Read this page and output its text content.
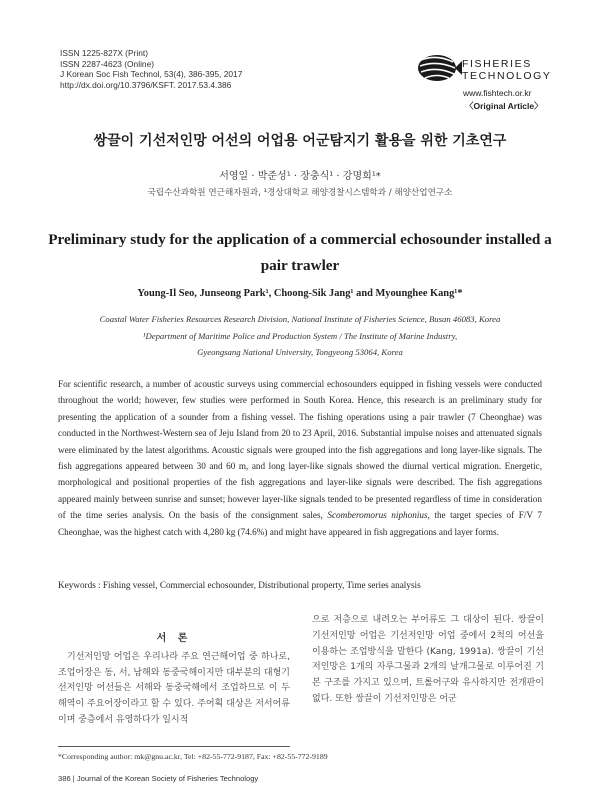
ISSN 1225-827X (Print)
ISSN 2287-4623 (Online)
J Korean Soc Fish Technol, 53(4), 386-395, 2017
http://dx.doi.org/10.3796/KSFT. 2017.53.4.386
FISHERIES
TECHNOLOGY
www.fishtech.or.kr
〈Original Article〉
쌍끌이 기선저인망 어선의 어업용 어군탐지기 활용을 위한 기초연구
서영일 · 박준성¹ · 장충식¹ · 강명희¹*
국립수산과학원 연근해자원과, ¹경상대학교 해양경찰시스템학과 / 해양산업연구소
Preliminary study for the application of a commercial echosounder installed a pair trawler
Young-Il Seo, Junseong Park¹, Choong-Sik Jang¹ and Myounghee Kang¹*
Coastal Water Fisheries Resources Research Division, National Institute of Fisheries Science, Busan 46083, Korea
¹Department of Maritime Police and Production System / The Institute of Marine Industry,
Gyeongsang National University, Tongyeong 53064, Korea
For scientific research, a number of acoustic surveys using commercial echosounders equipped in fishing vessels were conducted throughout the world; however, few studies were performed in South Korea. Hence, this research is an preliminary study for presenting the application of a sounder from a fishing vessel. The fishing operations using a pair trawler (7 Cheonghae) was conducted in the Northwest-Western sea of Jeju Island from 20 to 23 April, 2016. Substantial impulse noises and attenuated signals were eliminated by the latest algorithms. Acoustic signals were grouped into the fish aggregations and long layer-like signals. The fish aggregations appeared between 30 and 60 m, and long layer-like signals showed the diurnal vertical migration. Energetic, morphological and positional properties of the fish aggregations and layer-like signals were described. The fish aggregations appeared mainly between sunrise and sunset; however layer-like signals tended to be presented regardless of time in consideration of the time series analysis. On the basis of the consignment sales, Scomberomorus niphonius, the target species of F/V 7 Cheonghae, was the highest catch with 4,280 kg (74.6%) and might have appeared in fish aggregations and layer forms.
Keywords : Fishing vessel, Commercial echosounder, Distributional property, Time series analysis
서 론
기선저인망 어업은 우리나라 주요 연근해어업 중 하나로, 조업어장은 동, 서, 남해와 동중국해이지만 대부분의 대형기선저인망 어선들은 서해와 동중국해에서 조업하므로 이 두 해역이 주요어장이라고 할 수 있다. 주어획 대상은 저서어류이며 중층에서 유영하다가 일시적
으로 저층으로 내려오는 부어류도 그 대상이 된다. 쌍끌이 기선저인망 어업은 기선저인망 어업 중에서 2척의 어선을 이용하는 조업방식을 말한다 (Kang, 1991a). 쌍끌이 기선저인망은 1개의 자루그물과 2개의 날개그물로 이루어진 기본 구조를 가지고 있으며, 트롤어구와 유사하지만 전개판이 없다. 또한 쌍끌이 기선저인망은 어군
*Corresponding author: mk@gnu.ac.kr, Tel: +82-55-772-9187, Fax: +82-55-772-9189
386 | Journal of the Korean Society of Fisheries Technology
